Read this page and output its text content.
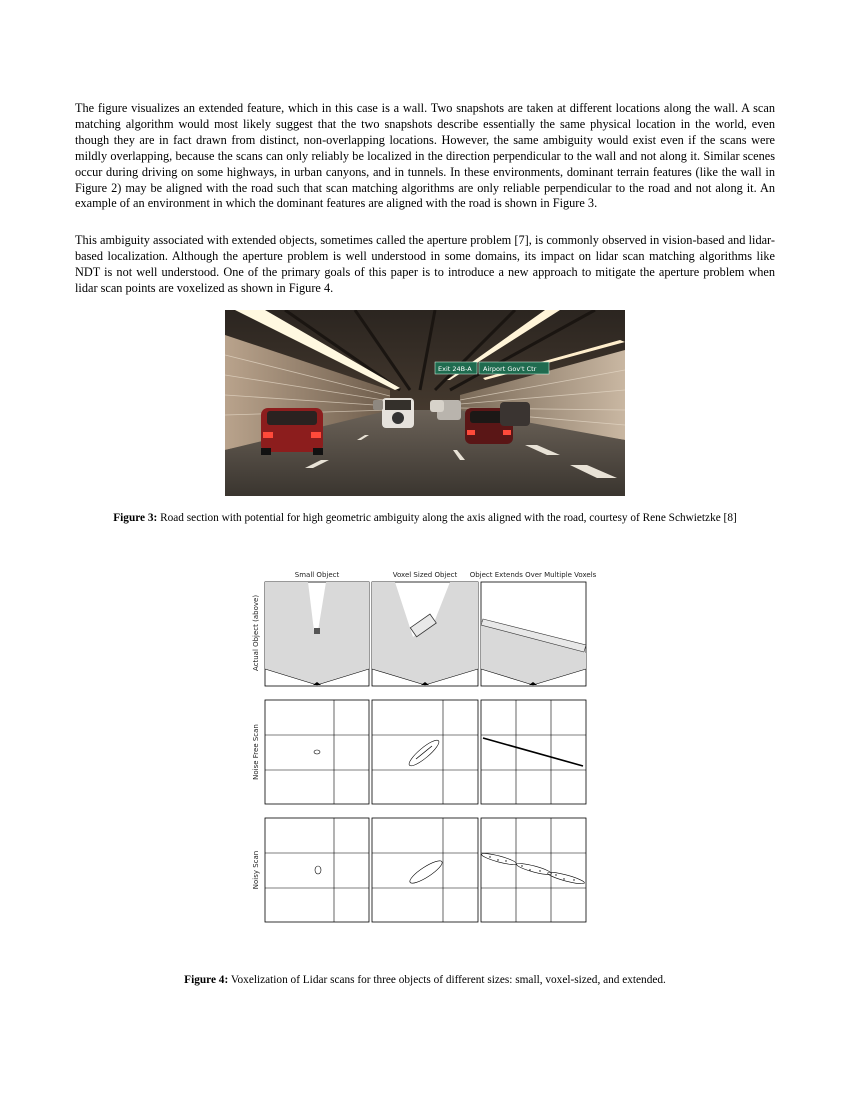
The figure visualizes an extended feature, which in this case is a wall. Two snapshots are taken at different locations along the wall. A scan matching algorithm would most likely suggest that the two snapshots describe essentially the same physical location in the world, even though they are in fact drawn from distinct, non-overlapping locations. However, the same ambiguity would exist even if the scans were mildly overlapping, because the scans can only reliably be localized in the direction perpendicular to the wall and not along it. Similar scenes occur during driving on some highways, in urban canyons, and in tunnels. In these environments, dominant terrain features (like the wall in Figure 2) may be aligned with the road such that scan matching algorithms are only reliable perpendicular to the road and not along it. An example of an environment in which the dominant features are aligned with the road is shown in Figure 3.

This ambiguity associated with extended objects, sometimes called the aperture problem [7], is commonly observed in vision-based and lidar-based localization. Although the aperture problem is well understood in some domains, its impact on lidar scan matching algorithms like NDT is not well understood. One of the primary goals of this paper is to introduce a new approach to mitigate the aperture problem when lidar scan points are voxelized as shown in Figure 4.

Exit 24B-A Airport Gov't Ctr
Figure 3: Road section with potential for high geometric ambiguity along the axis aligned with the road, courtesy of Rene Schwietzke [8]
Small Object	Voxel Sized Object Object Extends Over Multiple Voxels
Actual Object (above)
Noise Free Scan
Noisy Scan
Figure 4: Voxelization of Lidar scans for three objects of different sizes: small, voxel-sized, and extended.
